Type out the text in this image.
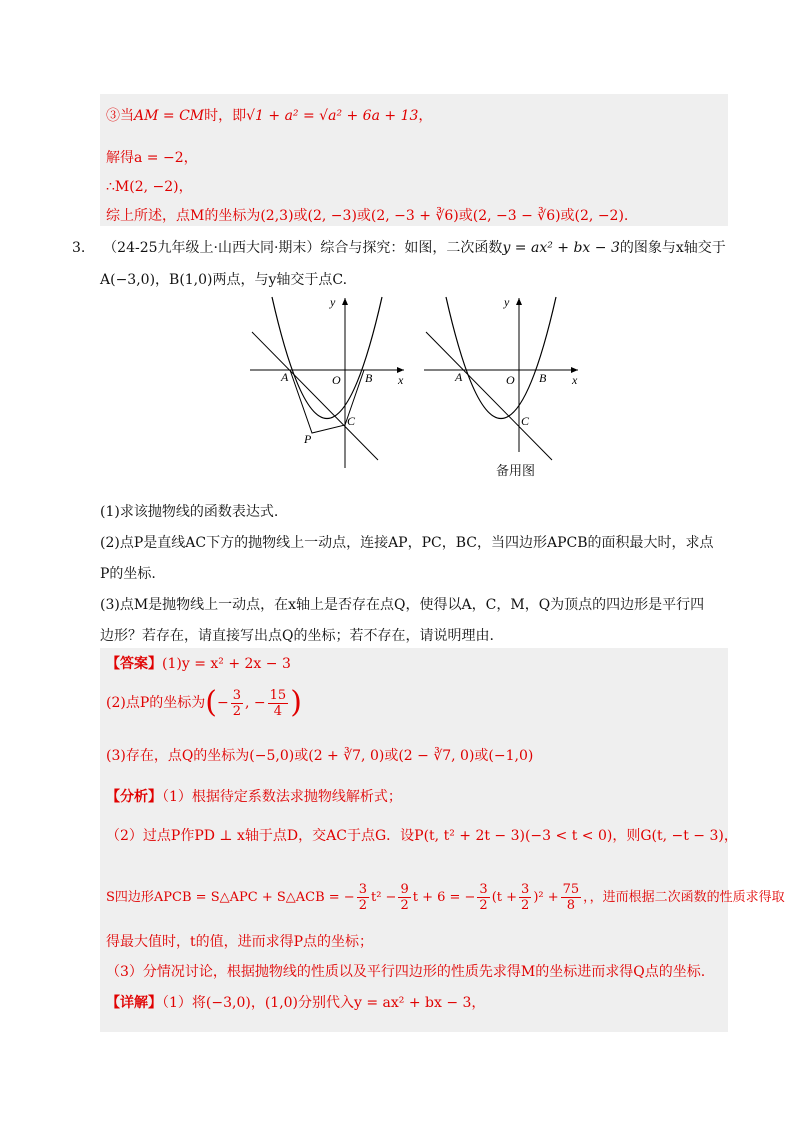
③当AM = CM时，即√1 + a² = √a² + 6a + 13，
解得a = −2，
∴M(2, −2)，
综上所述，点M的坐标为(2,3)或(2, −3)或(2, −3 + ∛6)或(2, −3 − ∛6)或(2, −2).
3. （24-25九年级上·山西大同·期末）综合与探究：如图，二次函数y = ax² + bx − 3的图象与x轴交于
A(−3,0)，B(1,0)两点，与y轴交于点C.
A	O B
C
P
x
y
A	O B
C
x
y
备用图
(1)求该抛物线的函数表达式.
(2)点P是直线AC下方的抛物线上一动点，连接AP，PC，BC，当四边形APCB的面积最大时，求点
P的坐标.
(3)点M是抛物线上一动点，在x轴上是否存在点Q，使得以A，C，M，Q为顶点的四边形是平行四
边形？若存在，请直接写出点Q的坐标；若不存在，请说明理由.
【答案】(1)y = x² + 2x − 3
(2)点P的坐标为(− $\frac{3}{2}$ , − $\frac{15}{4}$ )
(3)存在，点Q的坐标为(−5,0)或(2 + ∛7, 0)或(2 − ∛7, 0)或(−1,0)
【分析】（1）根据待定系数法求抛物线解析式；
（2）过点P作PD ⊥ x轴于点D，交AC于点G．设P(t, t² + 2t − 3)(−3 < t < 0)，则G(t, −t − 3)，
S四边形APCB = S△APC + S△ACB = − $\frac{3}{2} t^2 - \frac{9}{2}$ t + 6 = − $\frac{3}{2} (t + \frac{3}{2} )^2 + \frac{75}{8}$ ，，进而根据二次函数的性质求得取
得最大值时，t的值，进而求得P点的坐标；
（3）分情况讨论，根据抛物线的性质以及平行四边形的性质先求得M的坐标进而求得Q点的坐标.
【详解】（1）将(−3,0)，(1,0)分别代入y = ax² + bx − 3，
